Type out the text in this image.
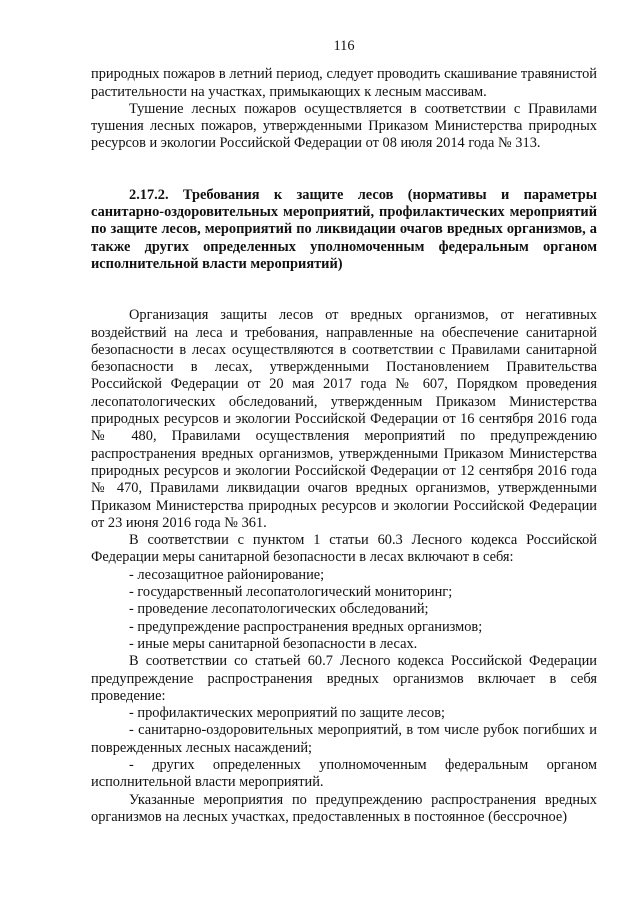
116

природных пожаров в летний период, следует проводить скашивание травянистой растительности на участках, примыкающих к лесным массивам.

Тушение лесных пожаров осуществляется в соответствии с Правилами тушения лесных пожаров, утвержденными Приказом Министерства природных ресурсов и экологии Российской Федерации от 08 июля 2014 года № 313.

2.17.2. Требования к защите лесов (нормативы и параметры санитарно-оздоровительных мероприятий, профилактических мероприятий по защите лесов, мероприятий по ликвидации очагов вредных организмов, а также других определенных уполномоченным федеральным органом исполнительной власти мероприятий)

Организация защиты лесов от вредных организмов, от негативных воздействий на леса и требования, направленные на обеспечение санитарной безопасности в лесах осуществляются в соответствии с Правилами санитарной безопасности в лесах, утвержденными Постановлением Правительства Российской Федерации от 20 мая 2017 года № 607, Порядком проведения лесопатологических обследований, утвержденным Приказом Министерства природных ресурсов и экологии Российской Федерации от 16 сентября 2016 года № 480, Правилами осуществления мероприятий по предупреждению распространения вредных организмов, утвержденными Приказом Министерства природных ресурсов и экологии Российской Федерации от 12 сентября 2016 года № 470, Правилами ликвидации очагов вредных организмов, утвержденными Приказом Министерства природных ресурсов и экологии Российской Федерации от 23 июня 2016 года № 361.

В соответствии с пунктом 1 статьи 60.3 Лесного кодекса Российской Федерации меры санитарной безопасности в лесах включают в себя:

- лесозащитное районирование;

- государственный лесопатологический мониторинг;

- проведение лесопатологических обследований;

- предупреждение распространения вредных организмов;

- иные меры санитарной безопасности в лесах.

В соответствии со статьей 60.7 Лесного кодекса Российской Федерации предупреждение распространения вредных организмов включает в себя проведение:

- профилактических мероприятий по защите лесов;

- санитарно-оздоровительных мероприятий, в том числе рубок погибших и поврежденных лесных насаждений;

- других определенных уполномоченным федеральным органом исполнительной власти мероприятий.

Указанные мероприятия по предупреждению распространения вредных организмов на лесных участках, предоставленных в постоянное (бессрочное)
